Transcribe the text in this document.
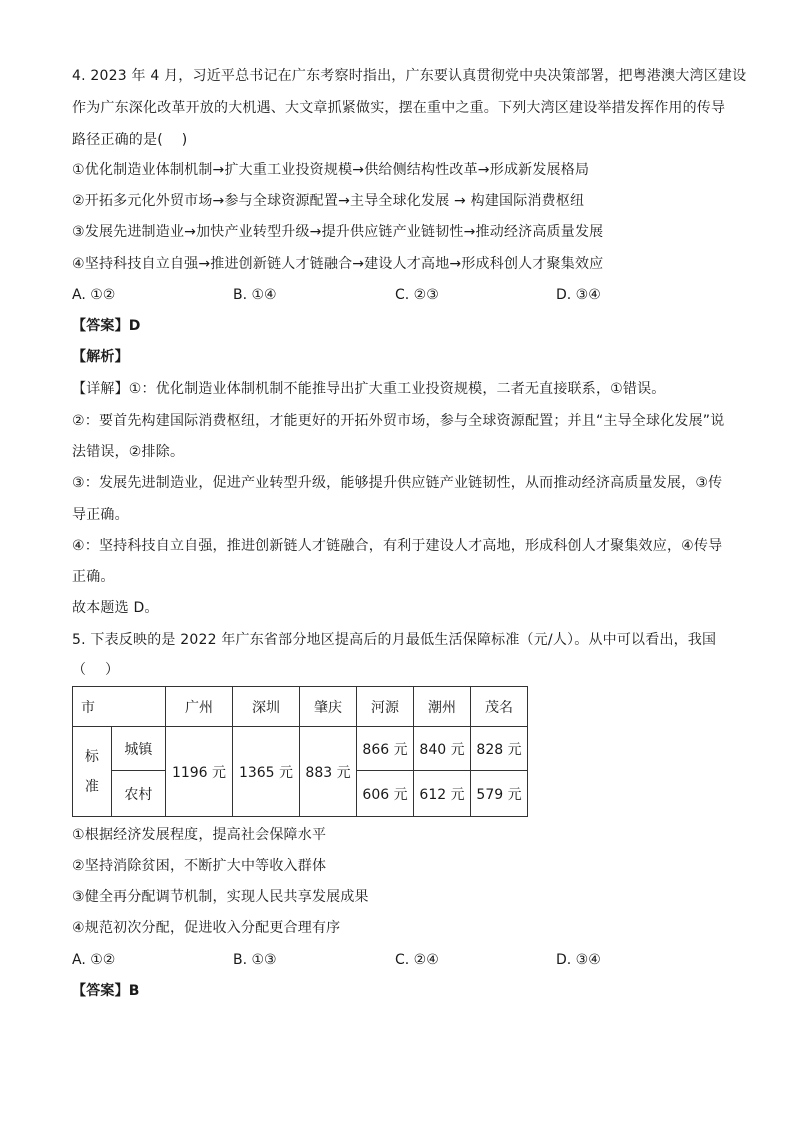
4. 2023 年 4 月，习近平总书记在广东考察时指出，广东要认真贯彻党中央决策部署，把粤港澳大湾区建设
作为广东深化改革开放的大机遇、大文章抓紧做实，摆在重中之重。下列大湾区建设举措发挥作用的传导
路径正确的是(　 )
①优化制造业体制机制→扩大重工业投资规模→供给侧结构性改革→形成新发展格局
②开拓多元化外贸市场→参与全球资源配置→主导全球化发展 → 构建国际消费枢纽
③发展先进制造业→加快产业转型升级→提升供应链产业链韧性→推动经济高质量发展
④坚持科技自立自强→推进创新链人才链融合→建设人才高地→形成科创人才聚集效应
A. ①②	B. ①④	C. ②③	D. ③④
【答案】D
【解析】
【详解】①：优化制造业体制机制不能推导出扩大重工业投资规模，二者无直接联系，①错误。
②：要首先构建国际消费枢纽，才能更好的开拓外贸市场，参与全球资源配置；并且“主导全球化发展”说
法错误，②排除。
③：发展先进制造业，促进产业转型升级，能够提升供应链产业链韧性，从而推动经济高质量发展，③传
导正确。
④：坚持科技自立自强，推进创新链人才链融合，有利于建设人才高地，形成科创人才聚集效应，④传导
正确。
故本题选 D。
5. 下表反映的是 2022 年广东省部分地区提高后的月最低生活保障标准（元/人）。从中可以看出，我国
（　 ）
市		广州	深圳	肇庆	河源	潮州	茂名
标
准	城镇	1196 元	1365 元	883 元	866 元	840 元	828 元
	农村				606 元	612 元	579 元
①根据经济发展程度，提高社会保障水平
②坚持消除贫困，不断扩大中等收入群体
③健全再分配调节机制，实现人民共享发展成果
④规范初次分配，促进收入分配更合理有序
A. ①②	B. ①③	C. ②④	D. ③④
【答案】B
